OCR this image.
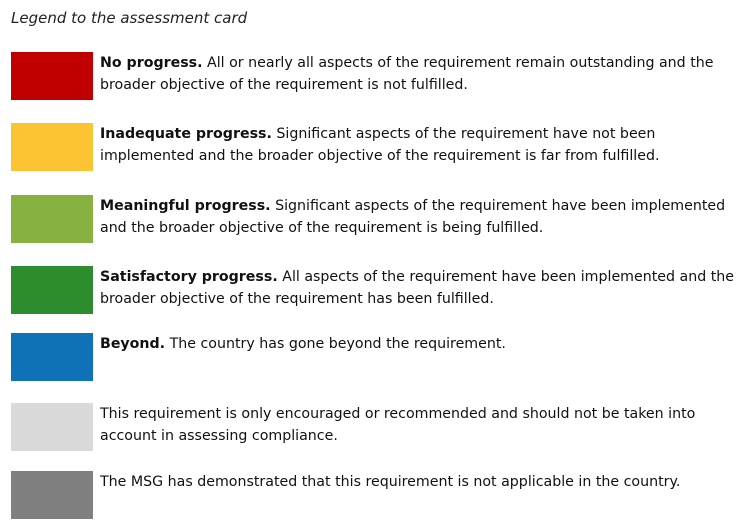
Legend to the assessment card
No progress. All or nearly all aspects of the requirement remain outstanding and the broader objective of the requirement is not fulfilled.
Inadequate progress. Significant aspects of the requirement have not been implemented and the broader objective of the requirement is far from fulfilled.
Meaningful progress. Significant aspects of the requirement have been implemented and the broader objective of the requirement is being fulfilled.
Satisfactory progress. All aspects of the requirement have been implemented and the broader objective of the requirement has been fulfilled.
Beyond. The country has gone beyond the requirement.
This requirement is only encouraged or recommended and should not be taken into account in assessing compliance.
The MSG has demonstrated that this requirement is not applicable in the country.
